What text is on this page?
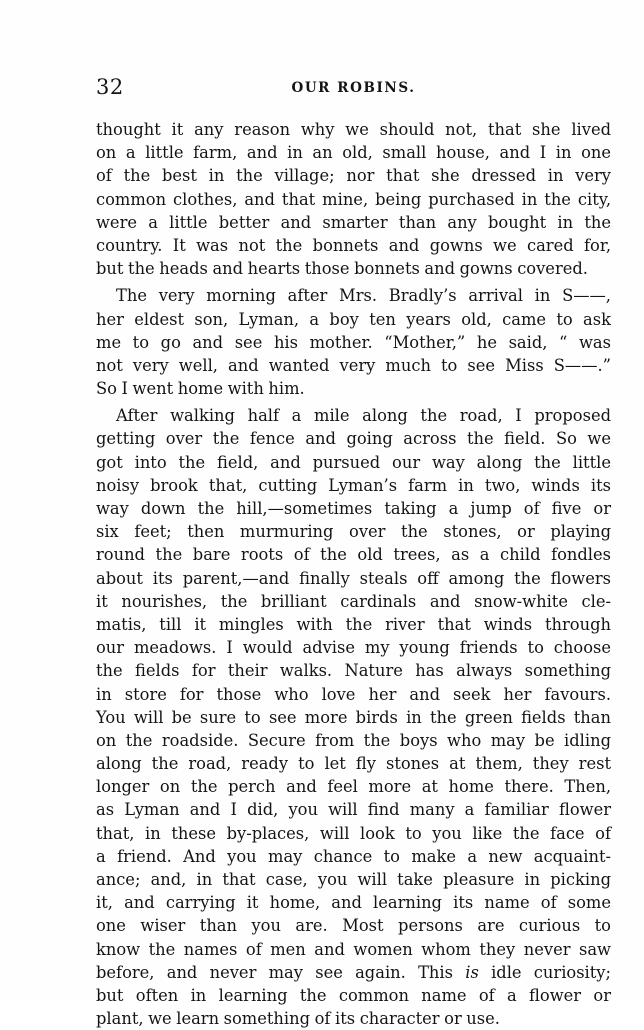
32	OUR ROBINS.
thought it any reason why we should not, that she lived
on a little farm, and in an old, small house, and I in one
of the best in the village; nor that she dressed in very
common clothes, and that mine, being purchased in the city,
were a little better and smarter than any bought in the
country. It was not the bonnets and gowns we cared for,
but the heads and hearts those bonnets and gowns covered.
The very morning after Mrs. Bradly’s arrival in S——,
her eldest son, Lyman, a boy ten years old, came to ask
me to go and see his mother. “Mother,” he said, “ was
not very well, and wanted very much to see Miss S——.”
So I went home with him.
After walking half a mile along the road, I proposed
getting over the fence and going across the field. So we
got into the field, and pursued our way along the little
noisy brook that, cutting Lyman’s farm in two, winds its
way down the hill,—sometimes taking a jump of five or
six feet; then murmuring over the stones, or playing
round the bare roots of the old trees, as a child fondles
about its parent,—and finally steals off among the flowers
it nourishes, the brilliant cardinals and snow-white cle-
matis, till it mingles with the river that winds through
our meadows. I would advise my young friends to choose
the fields for their walks. Nature has always something
in store for those who love her and seek her favours.
You will be sure to see more birds in the green fields than
on the roadside. Secure from the boys who may be idling
along the road, ready to let fly stones at them, they rest
longer on the perch and feel more at home there. Then,
as Lyman and I did, you will find many a familiar flower
that, in these by-places, will look to you like the face of
a friend. And you may chance to make a new acquaint-
ance; and, in that case, you will take pleasure in picking
it, and carrying it home, and learning its name of some
one wiser than you are. Most persons are curious to
know the names of men and women whom they never saw
before, and never may see again. This is idle curiosity;
but often in learning the common name of a flower or
plant, we learn something of its character or use.
